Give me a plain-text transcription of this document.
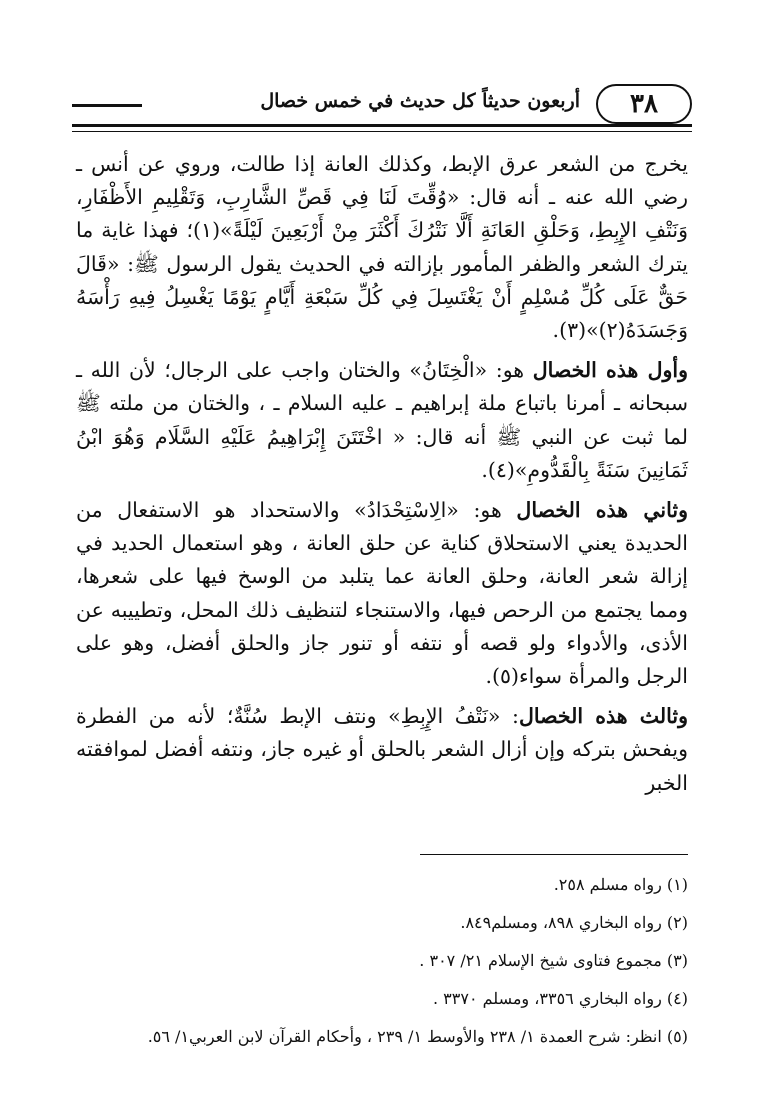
٣٨
أربعون حديثاً كل حديث في خمس خصال

يخرج من الشعر عرق الإبط، وكذلك العانة إذا طالت، وروي عن أنس ـ رضي الله عنه ـ أنه قال: «وُقِّتَ لَنَا فِي قَصِّ الشَّارِبِ، وَتَقْلِيمِ الأَظْفَارِ، وَنَتْفِ الإِبِطِ، وَحَلْقِ العَانَةِ أَلَّا نَتْرُكَ أَكْثَرَ مِنْ أَرْبَعِينَ لَيْلَةً»(١)؛ فهذا غاية ما يترك الشعر والظفر المأمور بإزالته في الحديث يقول الرسول ﷺ: «قَالَ حَقٌّ عَلَى كُلِّ مُسْلِمٍ أَنْ يَغْتَسِلَ فِي كُلِّ سَبْعَةِ أَيَّامٍ يَوْمًا يَغْسِلُ فِيهِ رَأْسَهُ وَجَسَدَهُ(٢)»(٣).

وأول هذه الخصال هو: «الْخِتَانُ» والختان واجب على الرجال؛ لأن الله ـ سبحانه ـ أمرنا باتباع ملة إبراهيم ـ عليه السلام ـ ، والختان من ملته ﷺ لما ثبت عن النبي ﷺ أنه قال: « اخْتَتَنَ إِبْرَاهِيمُ عَلَيْهِ السَّلَام وَهُوَ ابْنُ ثَمَانِينَ سَنَةً بِالْقَدُّومِ»(٤).

وثاني هذه الخصال هو: «الِاسْتِحْدَادُ» والاستحداد هو الاستفعال من الحديدة يعني الاستحلاق كناية عن حلق العانة ، وهو استعمال الحديد في إزالة شعر العانة، وحلق العانة عما يتلبد من الوسخ فيها على شعرها، ومما يجتمع من الرحص فيها، والاستنجاء لتنظيف ذلك المحل، وتطييبه عن الأذى، والأدواء ولو قصه أو نتفه أو تنور جاز والحلق أفضل، وهو على الرجل والمرأة سواء(٥).

وثالث هذه الخصال: «نَتْفُ الإِبِطِ» ونتف الإبط سُنَّةٌ؛ لأنه من الفطرة ويفحش بتركه وإن أزال الشعر بالحلق أو غيره جاز، ونتفه أفضل لموافقته الخبر

(١) رواه مسلم ٢٥٨.
(٢) رواه البخاري ٨٩٨، ومسلم٨٤٩.
(٣) مجموع فتاوى شيخ الإسلام ٢١/ ٣٠٧ .
(٤) رواه البخاري ٣٣٥٦، ومسلم ٣٣٧٠ .
(٥) انظر: شرح العمدة ١/ ٢٣٨ والأوسط ١/ ٢٣٩ ، وأحكام القرآن لابن العربي١/ ٥٦.
